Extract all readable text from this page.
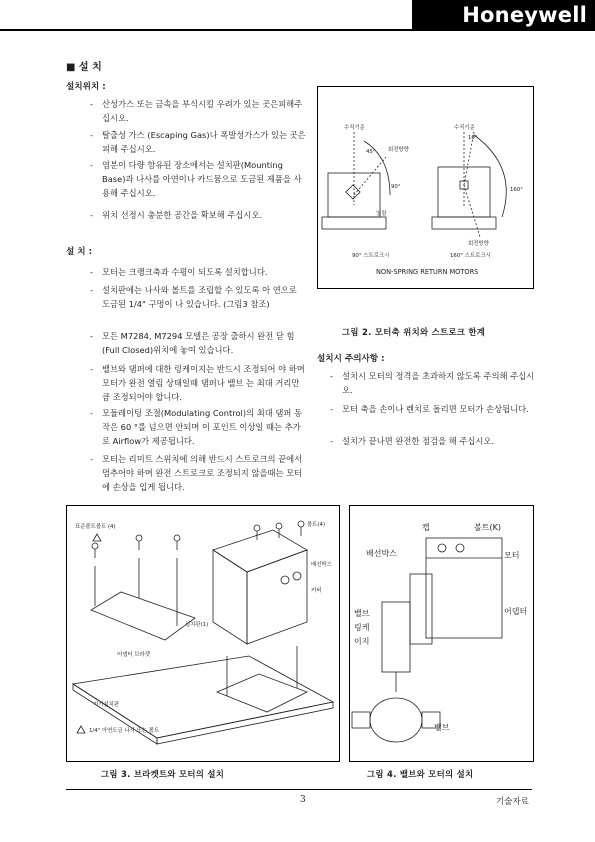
Honeywell
■ 설 치
설치위치 :
- 산성가스 또는 금속을 부식시킬 우려가 있는 곳은피해주십시오.
- 탈출성 가스 (Escaping Gas)나 폭발성가스가 있는 곳은 피해 주십시오.
- 염분이 다량 함유된 장소에서는 설치판(Mounting Base)과 나사를 아연이나 카드뮴으로 도금된 제품을 사용해 주십시오.
- 위치 선정시 충분한 공간을 확보해 주십시오.
설 치 :
- 모터는 크랭크축과 수평이 되도록 설치합니다.
- 설치판에는 나사와 볼트를 조립할 수 있도록 아 연으로 도금된 1/4" 구멍이 나 있습니다. (그림3 참조)
- 모든 M7284, M7294 모델은 공장 출하시 완전 닫 힘 (Full Closed)위치에 놓여 있습니다.
- 밸브와 댐퍼에 대한 링케이지는 반드시 조정되어 야 하며 모터가 완전 열림 상태일때 댐퍼나 밸브 는 최대 거리만큼 조정되어야 합니다.
- 모듈레이팅 조절(Modulating Control)의 최대 댐퍼 동작은 60 °를 넘으면 안되며 이 포인트 이상일 때는 추가로 Airflow가 제공됩니다.
- 모터는 리미트 스위치에 의해 반드시 스트로크의 끝에서 멈추어야 하며 완전 스트로크로 조정되지 않을때는 모터에 손상을 입게 됩니다.
수직기준
45° 회전방향
90°
열림
수직기준
10°
160°
회전방향
90° 스트로크시	160° 스트로크시
NON-SPRING RETURN MOTORS
그림 2. 모터축 위치와 스트로크 한계
설치시 주의사항 :
- 설치시 모터의 정격을 초과하지 않도록 주의해 주십시오.
- 모터 축을 손이나 렌치로 돌리면 모터가 손상됩니다.
- 설치가 끝나면 완전한 점검을 해 주십시오.
표준볼트볼트 (4)	볼트(4)
배선박스
커버
설치판(1)
어댑터 브라켓
기기설치판
1/4" 아연도금 나사 또는 볼트
그림 3. 브라켓트와 모터의 설치
캡	볼트(K)
배선박스	모터
어댑터
밸브
링케
이지
밸브
그림 4. 밸브와 모터의 설치
3	기술자료
